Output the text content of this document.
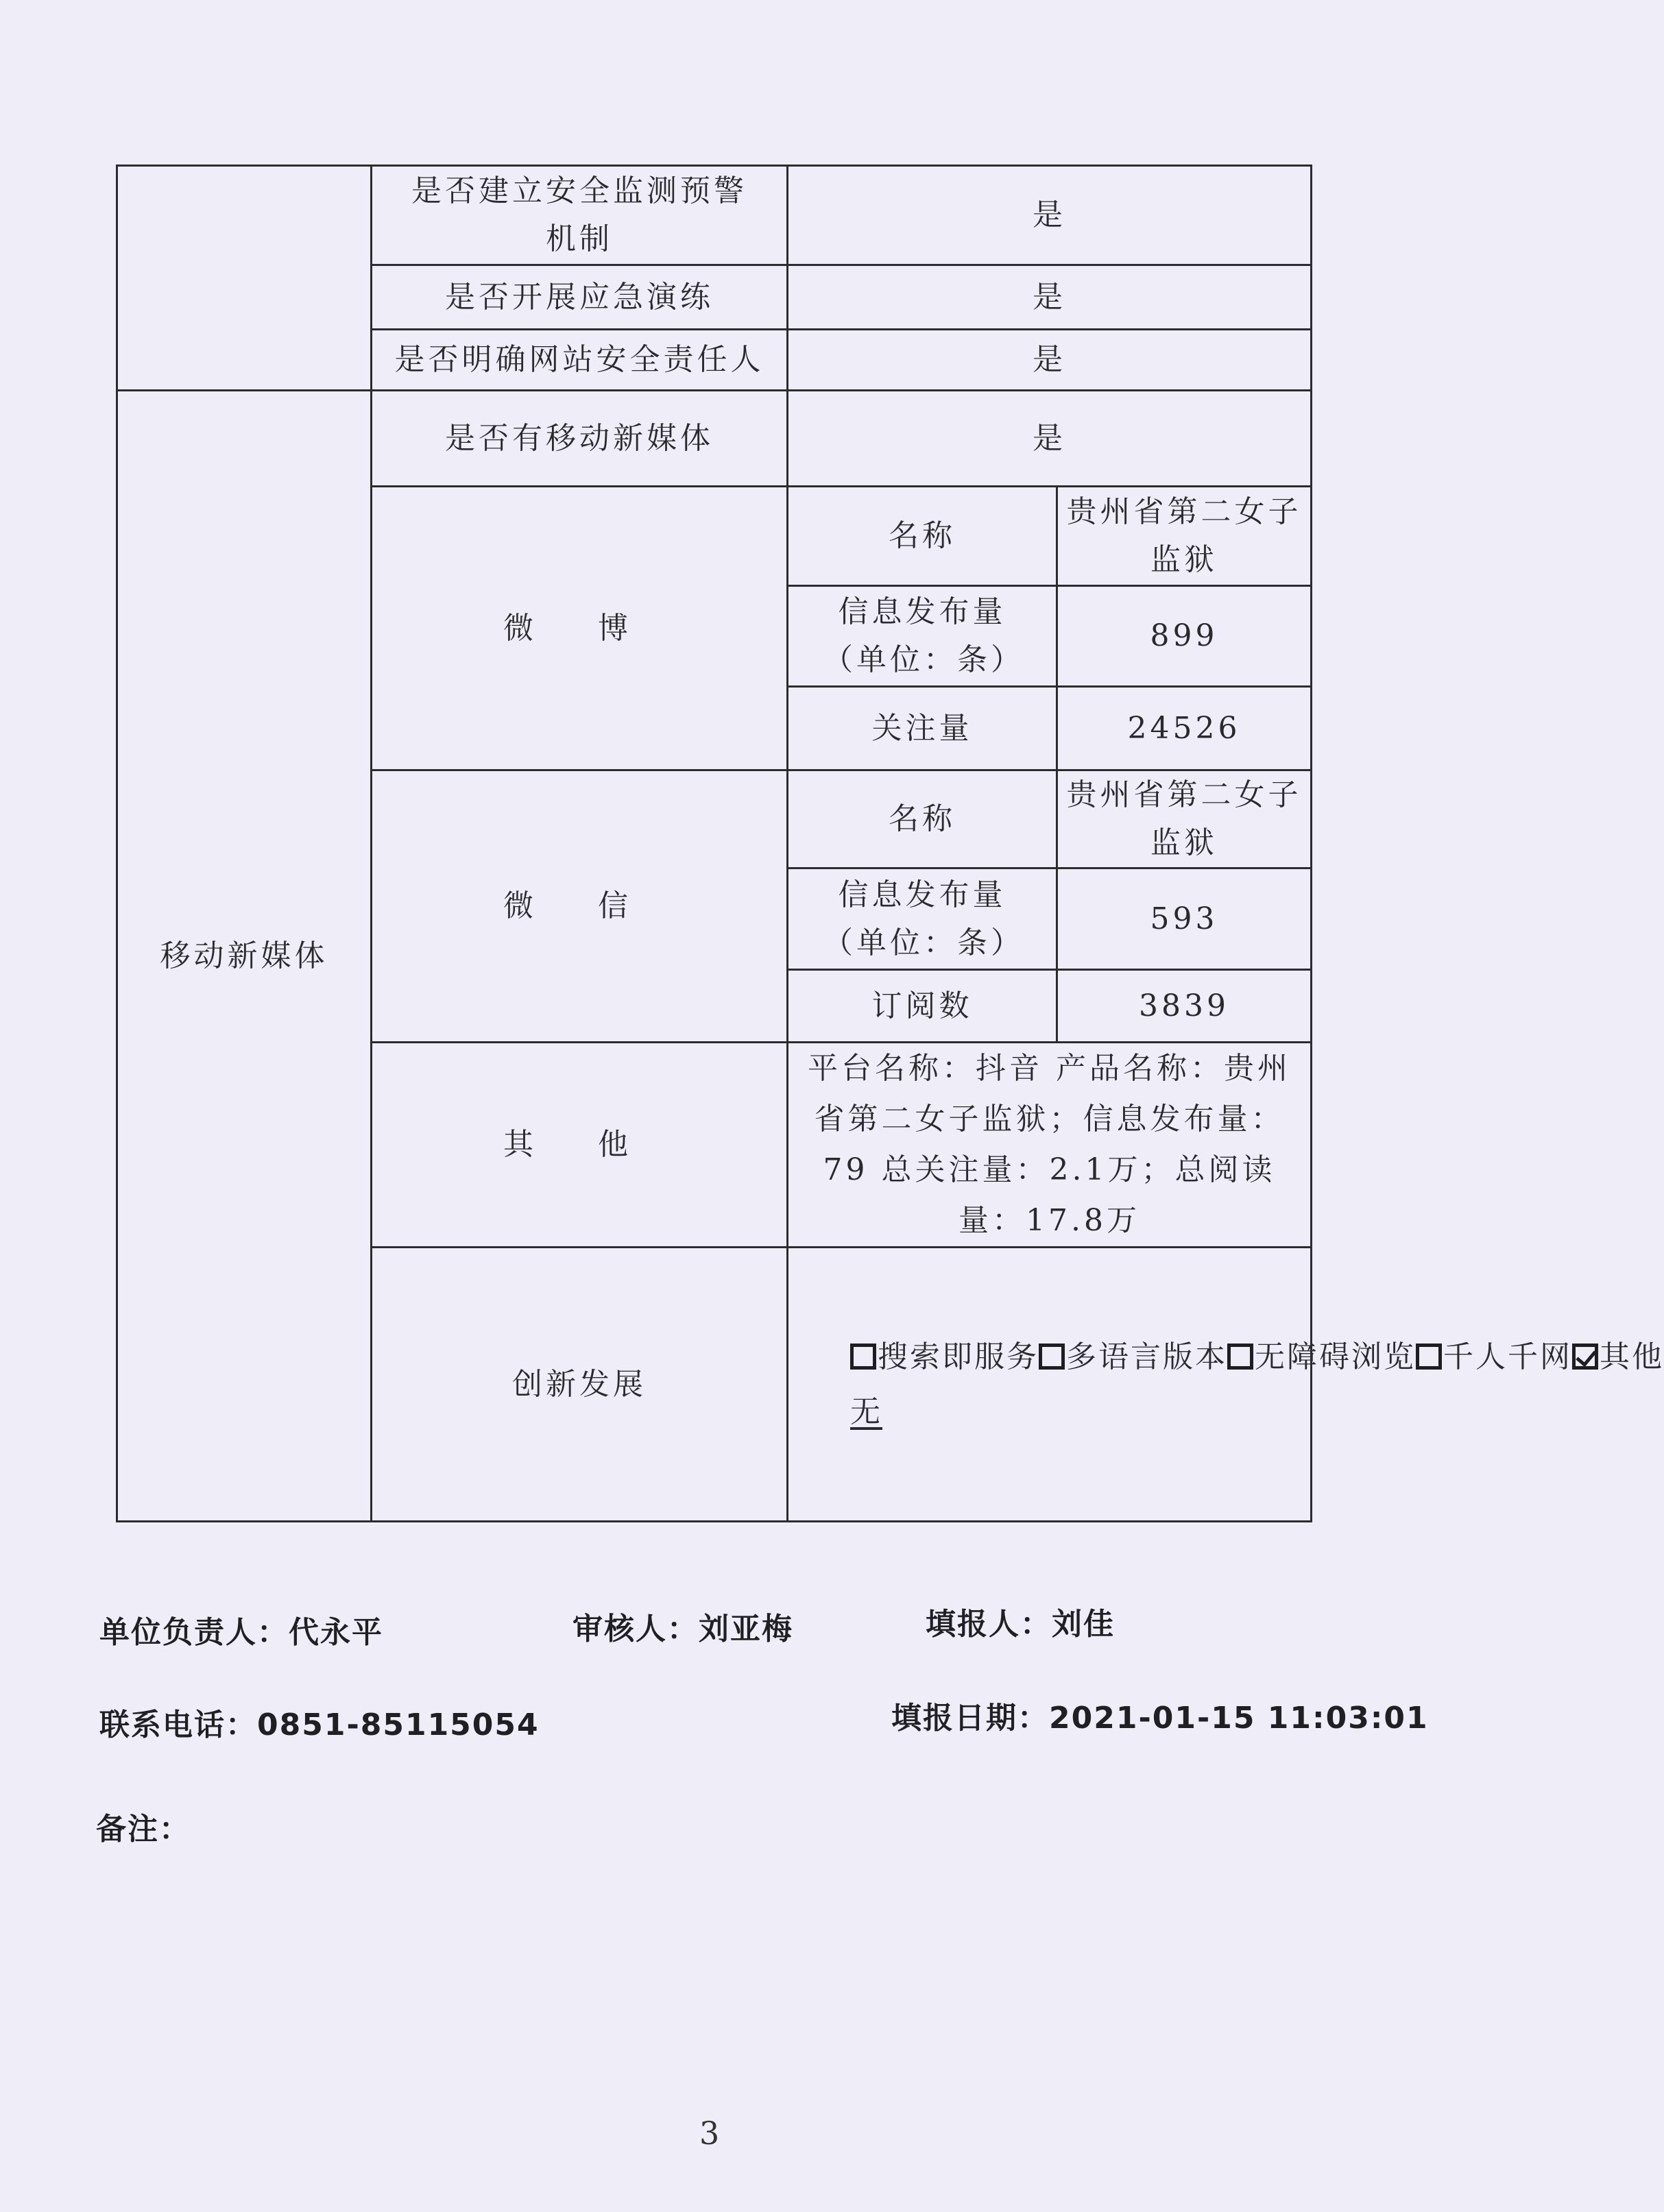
	是否建立安全监测预警机制	是	
	是否开展应急演练	是	
	是否明确网站安全责任人	是	
移动新媒体	是否有移动新媒体	是	
	微 博	名称	贵州省第二女子监狱
		信息发布量（单位：条）	899
		关注量	24526
	微 信	名称	贵州省第二女子监狱
		信息发布量（单位：条）	593
		订阅数	3839
	其 他	平台名称：抖音 产品名称：贵州省第二女子监狱；信息发布量：79 总关注量：2.1万；总阅读量：17.8万	
	创新发展	搜索即服务 多语言版本 无障碍浏览 千人千网 其他
无	
单位负责人：代永平	审核人：刘亚梅	填报人：刘佳
联系电话：0851-85115054	填报日期：2021-01-15 11:03:01
备注：
3
